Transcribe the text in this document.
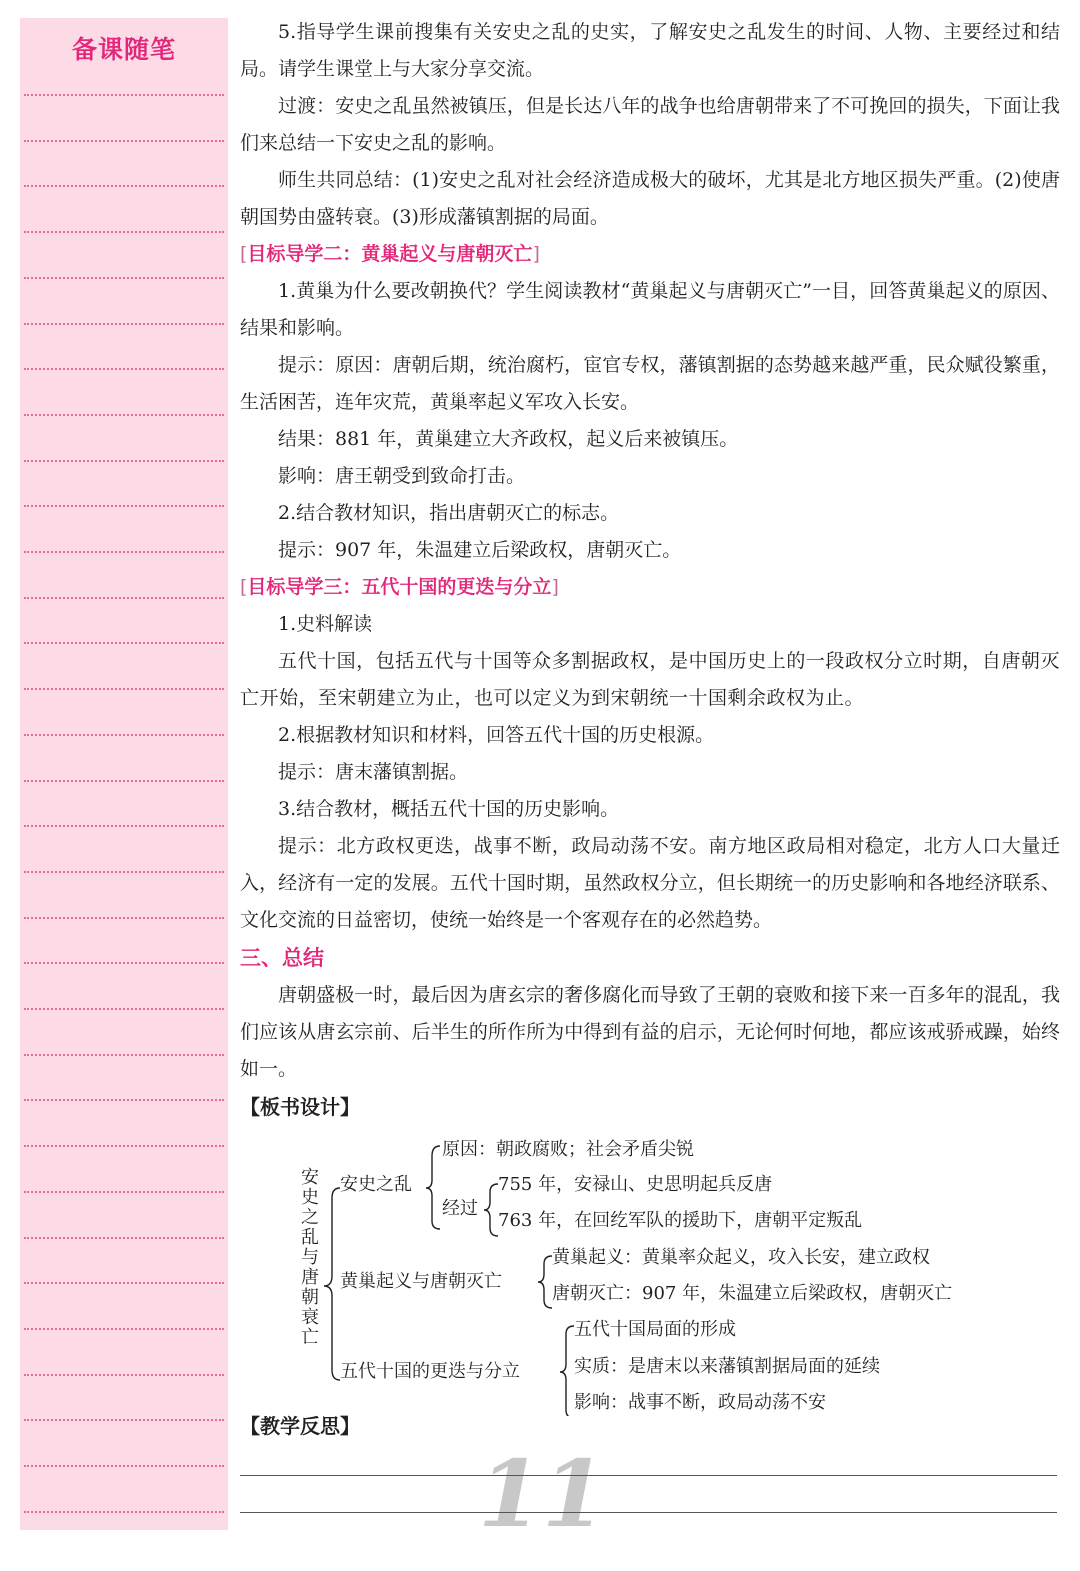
备课随笔

5.指导学生课前搜集有关安史之乱的史实，了解安史之乱发生的时间、人物、主要经过和结局。请学生课堂上与大家分享交流。

过渡：安史之乱虽然被镇压，但是长达八年的战争也给唐朝带来了不可挽回的损失，下面让我们来总结一下安史之乱的影响。

师生共同总结：(1)安史之乱对社会经济造成极大的破坏，尤其是北方地区损失严重。(2)使唐朝国势由盛转衰。(3)形成藩镇割据的局面。

[目标导学二：黄巢起义与唐朝灭亡]

1.黄巢为什么要改朝换代？学生阅读教材“黄巢起义与唐朝灭亡”一目，回答黄巢起义的原因、结果和影响。

提示：原因：唐朝后期，统治腐朽，宦官专权，藩镇割据的态势越来越严重，民众赋役繁重，生活困苦，连年灾荒，黄巢率起义军攻入长安。

结果：881 年，黄巢建立大齐政权，起义后来被镇压。

影响：唐王朝受到致命打击。

2.结合教材知识，指出唐朝灭亡的标志。

提示：907 年，朱温建立后梁政权，唐朝灭亡。

[目标导学三：五代十国的更迭与分立]

1.史料解读

五代十国，包括五代与十国等众多割据政权，是中国历史上的一段政权分立时期，自唐朝灭亡开始，至宋朝建立为止，也可以定义为到宋朝统一十国剩余政权为止。

2.根据教材知识和材料，回答五代十国的历史根源。

提示：唐末藩镇割据。

3.结合教材，概括五代十国的历史影响。

提示：北方政权更迭，战事不断，政局动荡不安。南方地区政局相对稳定，北方人口大量迁入，经济有一定的发展。五代十国时期，虽然政权分立，但长期统一的历史影响和各地经济联系、文化交流的日益密切，使统一始终是一个客观存在的必然趋势。

三、总结

唐朝盛极一时，最后因为唐玄宗的奢侈腐化而导致了王朝的衰败和接下来一百多年的混乱，我们应该从唐玄宗前、后半生的所作所为中得到有益的启示，无论何时何地，都应该戒骄戒躁，始终如一。

【板书设计】

安史之乱与唐朝衰亡
安史之乱
原因：朝政腐败；社会矛盾尖锐
经过
755 年，安禄山、史思明起兵反唐
763 年，在回纥军队的援助下，唐朝平定叛乱
黄巢起义与唐朝灭亡
黄巢起义：黄巢率众起义，攻入长安，建立政权
唐朝灭亡：907 年，朱温建立后梁政权，唐朝灭亡
五代十国的更迭与分立
五代十国局面的形成
实质：是唐末以来藩镇割据局面的延续
影响：战事不断，政局动荡不安
【教学反思】
11
